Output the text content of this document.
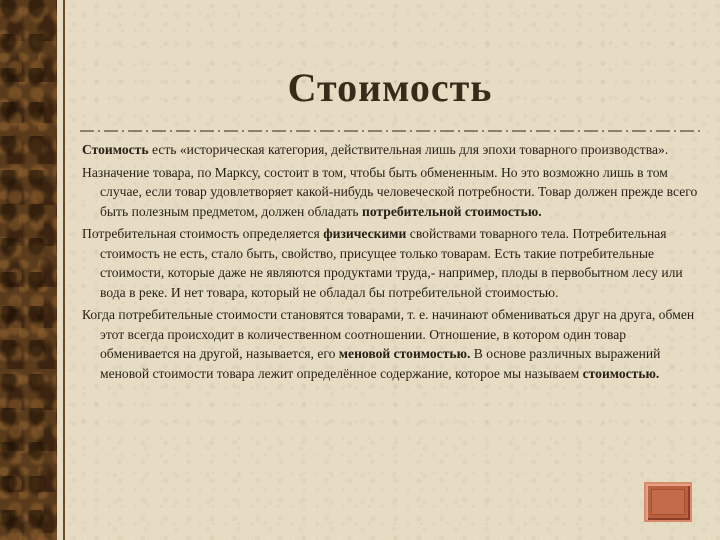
Стоимость

Стоимость есть «историческая категория, действительная лишь для эпохи товарного производства».

Назначение товара, по Марксу, состоит в том, чтобы быть обмененным. Но это возможно лишь в том случае, если товар удовлетворяет какой-нибудь человеческой потребности. Товар должен прежде всего быть полезным предметом, должен обладать потребительной стоимостью.

Потребительная стоимость определяется физическими свойствами товарного тела. Потребительная стоимость не есть, стало быть, свойство, присущее только товарам. Есть такие потребительные стоимости, которые даже не являются продуктами труда,- например, плоды в первобытном лесу или вода в реке. И нет товара, который не обладал бы потребительной стоимостью.

Когда потребительные стоимости становятся товарами, т. е. начинают обмениваться друг на друга, обмен этот всегда происходит в количественном соотношении. Отношение, в котором один товар обменивается на другой, называется, его меновой стоимостью. В основе различных выражений меновой стоимости товара лежит определённое содержание, которое мы называем стоимостью.
